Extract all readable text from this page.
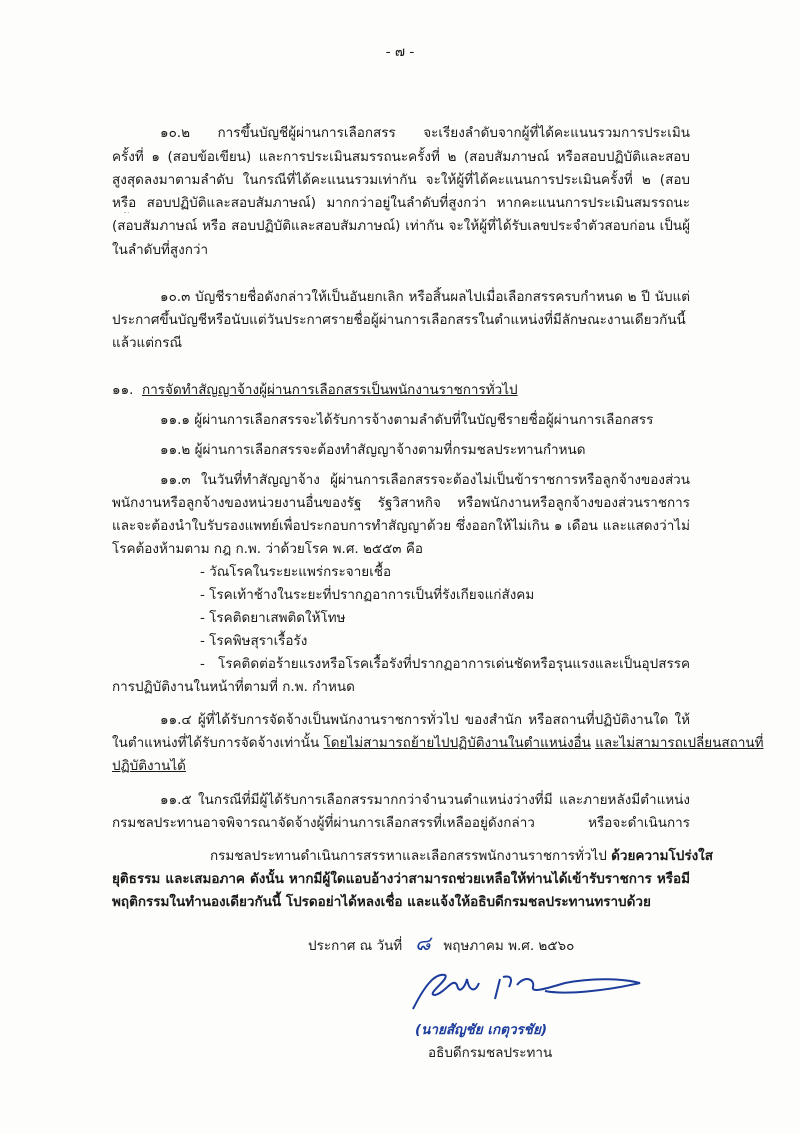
- ๗ -
๑๐.๒ การขึ้นบัญชีผู้ผ่านการเลือกสรร จะเรียงลำดับจากผู้ที่ได้คะแนนรวมการประเมิน
ครั้งที่ ๑ (สอบข้อเขียน) และการประเมินสมรรถนะครั้งที่ ๒ (สอบสัมภาษณ์ หรือสอบปฏิบัติและสอบ
สูงสุดลงมาตามลำดับ ในกรณีที่ได้คะแนนรวมเท่ากัน จะให้ผู้ที่ได้คะแนนการประเมินครั้งที่ ๒ (สอบ
หรือ สอบปฏิบัติและสอบสัมภาษณ์) มากกว่าอยู่ในลำดับที่สูงกว่า หากคะแนนการประเมินสมรรถนะ
(สอบสัมภาษณ์ หรือ สอบปฏิบัติและสอบสัมภาษณ์) เท่ากัน จะให้ผู้ที่ได้รับเลขประจำตัวสอบก่อน เป็นผู้
ในลำดับที่สูงกว่า
๑๐.๓ บัญชีรายชื่อดังกล่าวให้เป็นอันยกเลิก หรือสิ้นผลไปเมื่อเลือกสรรครบกำหนด ๒ ปี นับแต่
ประกาศขึ้นบัญชีหรือนับแต่วันประกาศรายชื่อผู้ผ่านการเลือกสรรในตำแหน่งที่มีลักษณะงานเดียวกันนี้
แล้วแต่กรณี
๑๑. การจัดทำสัญญาจ้างผู้ผ่านการเลือกสรรเป็นพนักงานราชการทั่วไป
๑๑.๑ ผู้ผ่านการเลือกสรรจะได้รับการจ้างตามลำดับที่ในบัญชีรายชื่อผู้ผ่านการเลือกสรร
๑๑.๒ ผู้ผ่านการเลือกสรรจะต้องทำสัญญาจ้างตามที่กรมชลประทานกำหนด
๑๑.๓ ในวันที่ทำสัญญาจ้าง ผู้ผ่านการเลือกสรรจะต้องไม่เป็นข้าราชการหรือลูกจ้างของส่วน
พนักงานหรือลูกจ้างของหน่วยงานอื่นของรัฐ รัฐวิสาหกิจ หรือพนักงานหรือลูกจ้างของส่วนราชการ
และจะต้องนำใบรับรองแพทย์เพื่อประกอบการทำสัญญาด้วย ซึ่งออกให้ไม่เกิน ๑ เดือน และแสดงว่าไม่
โรคต้องห้ามตาม กฎ ก.พ. ว่าด้วยโรค พ.ศ. ๒๕๕๓ คือ
- วัณโรคในระยะแพร่กระจายเชื้อ
- โรคเท้าช้างในระยะที่ปรากฏอาการเป็นที่รังเกียจแก่สังคม
- โรคติดยาเสพติดให้โทษ
- โรคพิษสุราเรื้อรัง
- โรคติดต่อร้ายแรงหรือโรคเรื้อรังที่ปรากฏอาการเด่นชัดหรือรุนแรงและเป็นอุปสรรค
การปฏิบัติงานในหน้าที่ตามที่ ก.พ. กำหนด
๑๑.๔ ผู้ที่ได้รับการจัดจ้างเป็นพนักงานราชการทั่วไป ของสำนัก หรือสถานที่ปฏิบัติงานใด ให้
ในตำแหน่งที่ได้รับการจัดจ้างเท่านั้น โดยไม่สามารถย้ายไปปฏิบัติงานในตำแหน่งอื่น และไม่สามารถเปลี่ยนสถานที่
ปฏิบัติงานได้
๑๑.๕ ในกรณีที่มีผู้ได้รับการเลือกสรรมากกว่าจำนวนตำแหน่งว่างที่มี และภายหลังมีตำแหน่ง
กรมชลประทานอาจพิจารณาจัดจ้างผู้ที่ผ่านการเลือกสรรที่เหลืออยู่ดังกล่าว หรือจะดำเนินการ
กรมชลประทานดำเนินการสรรหาและเลือกสรรพนักงานราชการทั่วไป ด้วยความโปร่งใส
ยุติธรรม และเสมอภาค ดังนั้น หากมีผู้ใดแอบอ้างว่าสามารถช่วยเหลือให้ท่านได้เข้ารับราชการ หรือมี
พฤติกรรมในทำนองเดียวกันนี้ โปรดอย่าได้หลงเชื่อ และแจ้งให้อธิบดีกรมชลประทานทราบด้วย
ประกาศ ณ วันที่ ๘ พฤษภาคม พ.ศ. ๒๕๖๐
(นายสัญชัย เกตุวรชัย)
อธิบดีกรมชลประทาน
